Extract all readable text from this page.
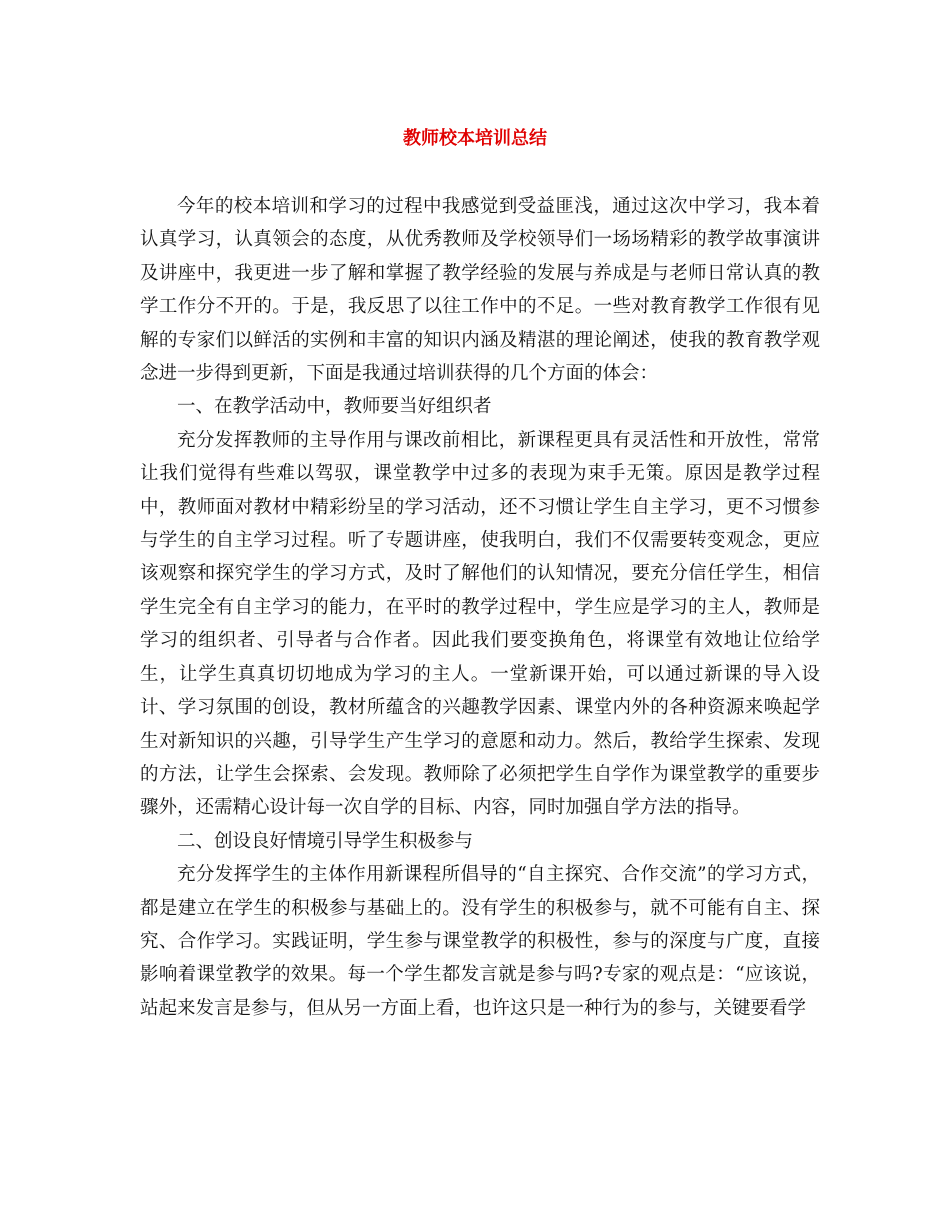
教师校本培训总结

今年的校本培训和学习的过程中我感觉到受益匪浅，通过这次中学习，我本着认真学习，认真领会的态度，从优秀教师及学校领导们一场场精彩的教学故事演讲及讲座中，我更进一步了解和掌握了教学经验的发展与养成是与老师日常认真的教学工作分不开的。于是，我反思了以往工作中的不足。一些对教育教学工作很有见解的专家们以鲜活的实例和丰富的知识内涵及精湛的理论阐述，使我的教育教学观念进一步得到更新，下面是我通过培训获得的几个方面的体会：

一、在教学活动中，教师要当好组织者

充分发挥教师的主导作用与课改前相比，新课程更具有灵活性和开放性，常常让我们觉得有些难以驾驭，课堂教学中过多的表现为束手无策。原因是教学过程中，教师面对教材中精彩纷呈的学习活动，还不习惯让学生自主学习，更不习惯参与学生的自主学习过程。听了专题讲座，使我明白，我们不仅需要转变观念，更应该观察和探究学生的学习方式，及时了解他们的认知情况，要充分信任学生，相信学生完全有自主学习的能力，在平时的教学过程中，学生应是学习的主人，教师是学习的组织者、引导者与合作者。因此我们要变换角色，将课堂有效地让位给学生，让学生真真切切地成为学习的主人。一堂新课开始，可以通过新课的导入设计、学习氛围的创设，教材所蕴含的兴趣教学因素、课堂内外的各种资源来唤起学生对新知识的兴趣，引导学生产生学习的意愿和动力。然后，教给学生探索、发现的方法，让学生会探索、会发现。教师除了必须把学生自学作为课堂教学的重要步骤外，还需精心设计每一次自学的目标、内容，同时加强自学方法的指导。

二、创设良好情境引导学生积极参与

充分发挥学生的主体作用新课程所倡导的“自主探究、合作交流”的学习方式，都是建立在学生的积极参与基础上的。没有学生的积极参与，就不可能有自主、探究、合作学习。实践证明，学生参与课堂教学的积极性，参与的深度与广度，直接影响着课堂教学的效果。每一个学生都发言就是参与吗?专家的观点是：“应该说，站起来发言是参与，但从另一方面上看，也许这只是一种行为的参与，关键要看学
